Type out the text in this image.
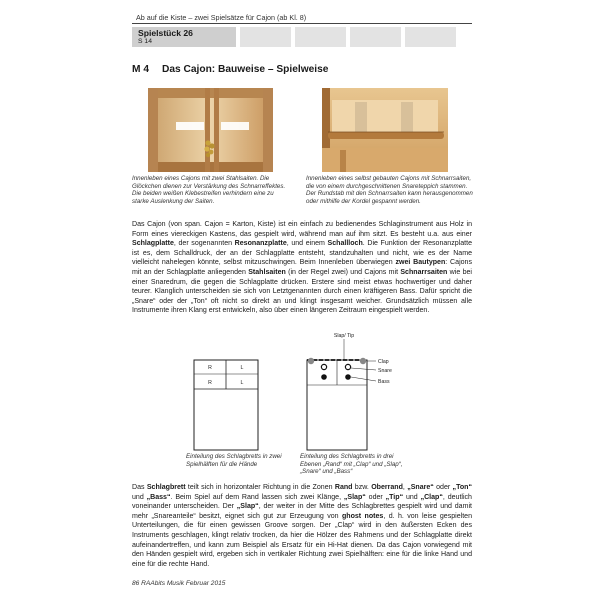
Ab auf die Kiste – zwei Spielsätze für Cajon (ab Kl. 8)
Spielstück 26
S 14
M 4 Das Cajon: Bauweise – Spielweise
Innenleben eines Cajons mit zwei Stahlsaiten. Die Glöckchen dienen zur Verstärkung des Schnarreffektes. Die beiden weißen Klebestreifen verhindern eine zu starke Auslenkung der Saiten.
Innenleben eines selbst gebauten Cajons mit Schnarrsaiten, die von einem durchgeschnittenen Snareteppich stammen. Der Rundstab mit den Schnarrsaiten kann herausgenommen oder mithilfe der Kordel gespannt werden.

Das Cajon (von span. Cajon = Karton, Kiste) ist ein einfach zu bedienendes Schlaginstrument aus Holz in Form eines viereckigen Kastens, das gespielt wird, während man auf ihm sitzt. Es besteht u.a. aus einer Schlagplatte, der sogenannten Resonanzplatte, und einem Schallloch. Die Funktion der Resonanzplatte ist es, dem Schalldruck, der an der Schlagplatte entsteht, standzuhalten und nicht, wie es der Name vielleicht nahelegen könnte, selbst mitzuschwingen. Beim Innenleben überwiegen zwei Bautypen: Cajons mit an der Schlagplatte anliegenden Stahlsaiten (in der Regel zwei) und Cajons mit Schnarrsaiten wie bei einer Snaredrum, die gegen die Schlagplatte drücken. Erstere sind meist etwas hochwertiger und daher teurer. Klanglich unterscheiden sie sich von Letztgenannten durch einen kräftigeren Bass. Dafür spricht die „Snare“ oder der „Ton“ oft nicht so direkt an und klingt insgesamt weicher. Grundsätzlich müssen alle Instrumente ihren Klang erst entwickeln, also über einen längeren Zeitraum eingespielt werden.

R	L
R	L
Einteilung des Schlagbretts in zwei Spielhälften für die Hände
Slap/ Tip
Clap
Snare
Bass
Einteilung des Schlagbretts in drei Ebenen „Rand“ mit „Clap“ und „Slap“, „Snare“ und „Bass“

Das Schlagbrett teilt sich in horizontaler Richtung in die Zonen Rand bzw. Oberrand, „Snare“ oder „Ton“ und „Bass“. Beim Spiel auf dem Rand lassen sich zwei Klänge, „Slap“ oder „Tip“ und „Clap“, deutlich voneinander unterscheiden. Der „Slap“, der weiter in der Mitte des Schlagbrettes gespielt wird und damit mehr „Snareanteile“ besitzt, eignet sich gut zur Erzeugung von ghost notes, d. h. von leise gespielten Unterteilungen, die für einen gewissen Groove sorgen. Der „Clap“ wird in den äußersten Ecken des Instruments geschlagen, klingt relativ trocken, da hier die Hölzer des Rahmens und der Schlagplatte direkt aufeinandertreffen, und kann zum Beispiel als Ersatz für ein Hi-Hat dienen. Da das Cajon vorwiegend mit den Händen gespielt wird, ergeben sich in vertikaler Richtung zwei Spielhälften: eine für die linke Hand und eine für die rechte Hand.

86 RAAbits Musik Februar 2015
